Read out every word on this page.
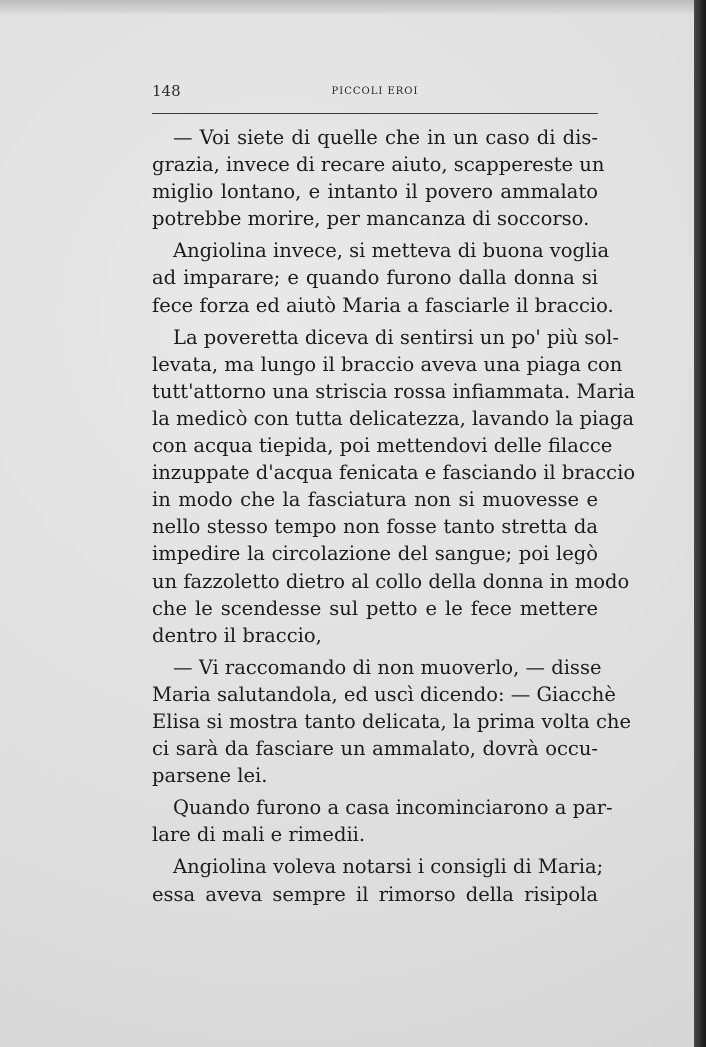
148	PICCOLI EROI
— Voi siete di quelle che in un caso di dis-
grazia, invece di recare aiuto, scappereste un
miglio lontano, e intanto il povero ammalato
potrebbe morire, per mancanza di soccorso.
Angiolina invece, si metteva di buona voglia
ad imparare; e quando furono dalla donna si
fece forza ed aiutò Maria a fasciarle il braccio.
La poveretta diceva di sentirsi un po' più sol-
levata, ma lungo il braccio aveva una piaga con
tutt'attorno una striscia rossa infiammata. Maria
la medicò con tutta delicatezza, lavando la piaga
con acqua tiepida, poi mettendovi delle filacce
inzuppate d'acqua fenicata e fasciando il braccio
in modo che la fasciatura non si muovesse e
nello stesso tempo non fosse tanto stretta da
impedire la circolazione del sangue; poi legò
un fazzoletto dietro al collo della donna in modo
che le scendesse sul petto e le fece mettere
dentro il braccio,
— Vi raccomando di non muoverlo, — disse
Maria salutandola, ed uscì dicendo: — Giacchè
Elisa si mostra tanto delicata, la prima volta che
ci sarà da fasciare un ammalato, dovrà occu-
parsene lei.
Quando furono a casa incominciarono a par-
lare di mali e rimedii.
Angiolina voleva notarsi i consigli di Maria;
essa aveva sempre il rimorso della risipola
